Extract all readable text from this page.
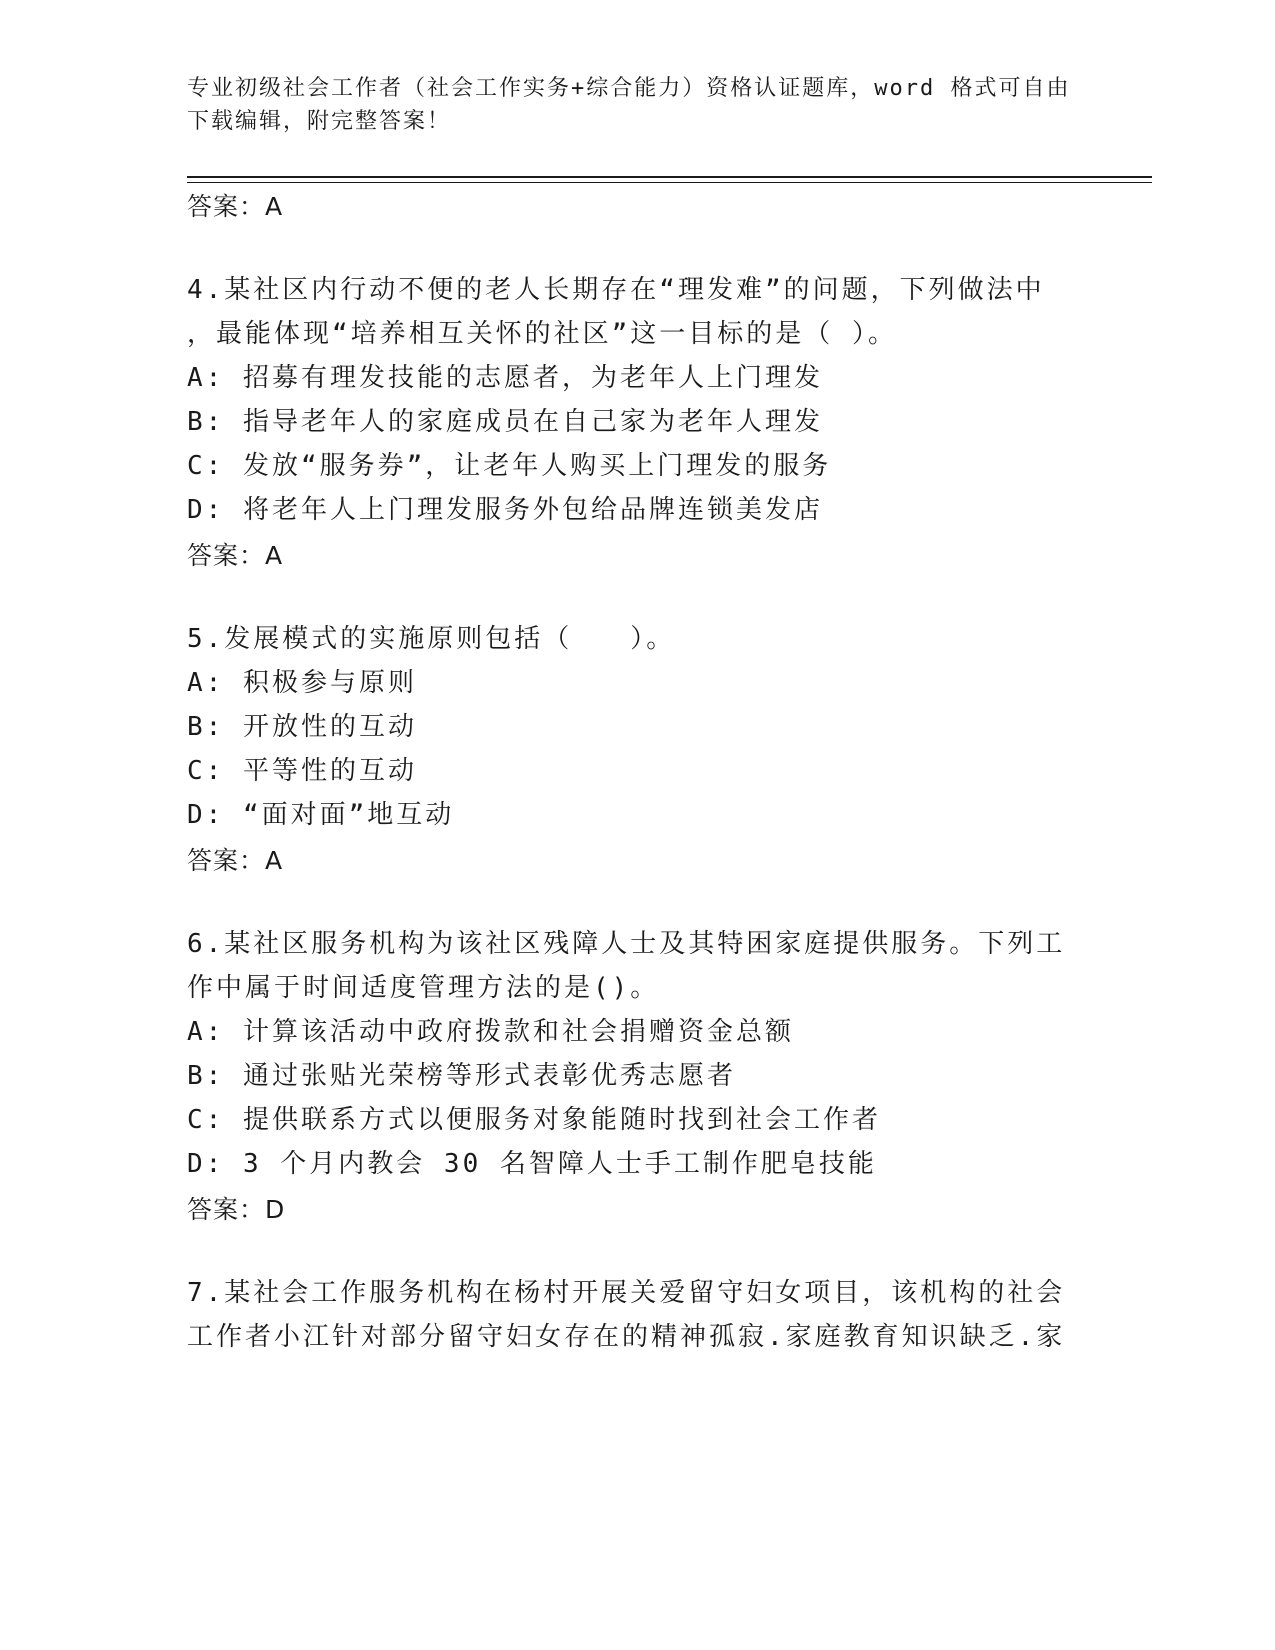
专业初级社会工作者（社会工作实务+综合能力）资格认证题库，word 格式可自由
下载编辑，附完整答案！
答案：A
4.某社区内行动不便的老人长期存在“理发难”的问题，下列做法中
，最能体现“培养相互关怀的社区”这一目标的是（ ）。
A: 招募有理发技能的志愿者，为老年人上门理发
B: 指导老年人的家庭成员在自己家为老年人理发
C: 发放“服务券”，让老年人购买上门理发的服务
D: 将老年人上门理发服务外包给品牌连锁美发店
答案：A
5.发展模式的实施原则包括（　　）。
A: 积极参与原则
B: 开放性的互动
C: 平等性的互动
D: “面对面”地互动
答案：A
6.某社区服务机构为该社区残障人士及其特困家庭提供服务。下列工
作中属于时间适度管理方法的是()。
A: 计算该活动中政府拨款和社会捐赠资金总额
B: 通过张贴光荣榜等形式表彰优秀志愿者
C: 提供联系方式以便服务对象能随时找到社会工作者
D: 3 个月内教会 30 名智障人士手工制作肥皂技能
答案：D
7.某社会工作服务机构在杨村开展关爱留守妇女项目，该机构的社会
工作者小江针对部分留守妇女存在的精神孤寂.家庭教育知识缺乏.家
